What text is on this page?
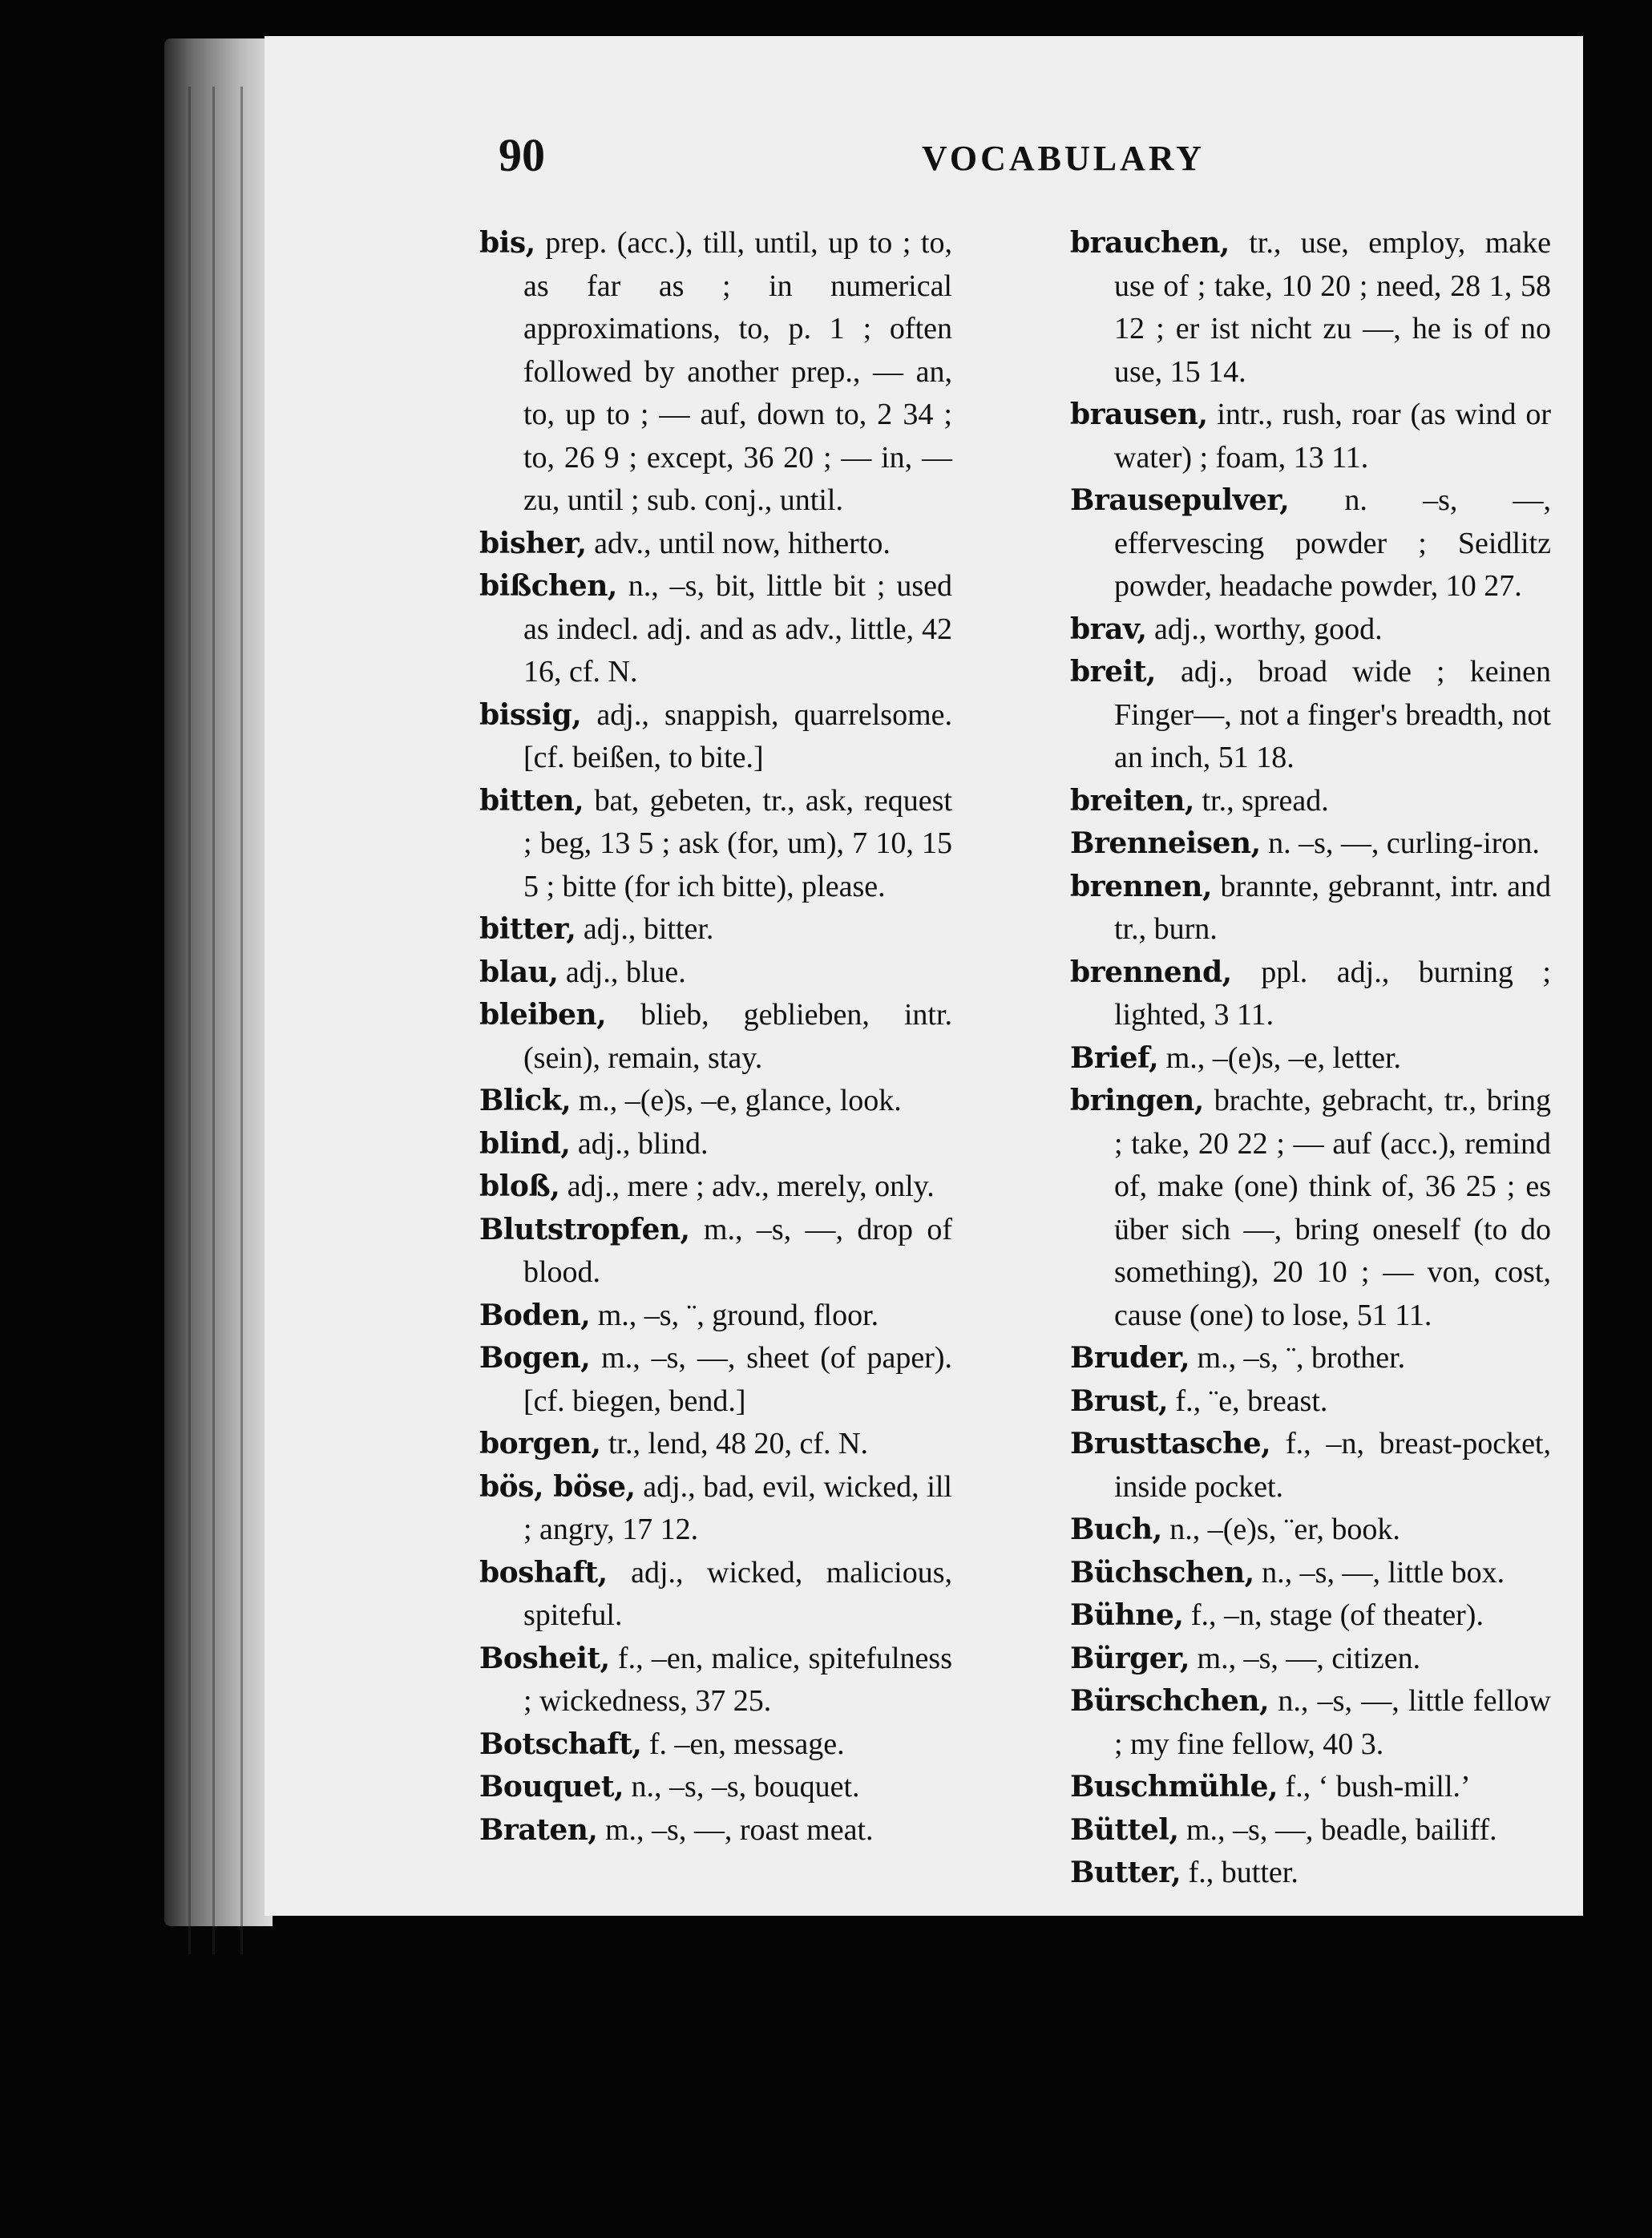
90	VOCABULARY

bis, prep. (acc.), till, until, up to ; to, as far as ; in numerical approximations, to, p. 1 ; often followed by another prep., — an, to, up to ; — auf, down to, 2 34 ; to, 26 9 ; except, 36 20 ; — in, — zu, until ; sub. conj., until.

bisher, adv., until now, hitherto.

bißchen, n., –s, bit, little bit ; used as indecl. adj. and as adv., little, 42 16, cf. N.

bissig, adj., snappish, quarrelsome. [cf. beißen, to bite.]

bitten, bat, gebeten, tr., ask, request ; beg, 13 5 ; ask (for, um), 7 10, 15 5 ; bitte (for ich bitte), please.

bitter, adj., bitter.

blau, adj., blue.

bleiben, blieb, geblieben, intr. (sein), remain, stay.

Blick, m., –(e)s, –e, glance, look.

blind, adj., blind.

bloß, adj., mere ; adv., merely, only.

Blutstropfen, m., –s, —, drop of blood.

Boden, m., –s, ¨, ground, floor.

Bogen, m., –s, —, sheet (of paper). [cf. biegen, bend.]

borgen, tr., lend, 48 20, cf. N.

bös, böse, adj., bad, evil, wicked, ill ; angry, 17 12.

boshaft, adj., wicked, malicious, spiteful.

Bosheit, f., –en, malice, spitefulness ; wickedness, 37 25.

Botschaft, f. –en, message.

Bouquet, n., –s, –s, bouquet.

Braten, m., –s, —, roast meat.

brauchen, tr., use, employ, make use of ; take, 10 20 ; need, 28 1, 58 12 ; er ist nicht zu —, he is of no use, 15 14.

brausen, intr., rush, roar (as wind or water) ; foam, 13 11.

Brausepulver, n. –s, —, effervescing powder ; Seidlitz powder, headache powder, 10 27.

brav, adj., worthy, good.

breit, adj., broad wide ; keinen Finger—, not a finger's breadth, not an inch, 51 18.

breiten, tr., spread.

Brenneisen, n. –s, —, curling-iron.

brennen, brannte, gebrannt, intr. and tr., burn.

brennend, ppl. adj., burning ; lighted, 3 11.

Brief, m., –(e)s, –e, letter.

bringen, brachte, gebracht, tr., bring ; take, 20 22 ; — auf (acc.), remind of, make (one) think of, 36 25 ; es über sich —, bring oneself (to do something), 20 10 ; — von, cost, cause (one) to lose, 51 11.

Bruder, m., –s, ¨, brother.

Brust, f., ¨e, breast.

Brusttasche, f., –n, breast-pocket, inside pocket.

Buch, n., –(e)s, ¨er, book.

Büchschen, n., –s, —, little box.

Bühne, f., –n, stage (of theater).

Bürger, m., –s, —, citizen.

Bürschchen, n., –s, —, little fellow ; my fine fellow, 40 3.

Buschmühle, f., ‘ bush-mill.’

Büttel, m., –s, —, beadle, bailiff.

Butter, f., butter.
